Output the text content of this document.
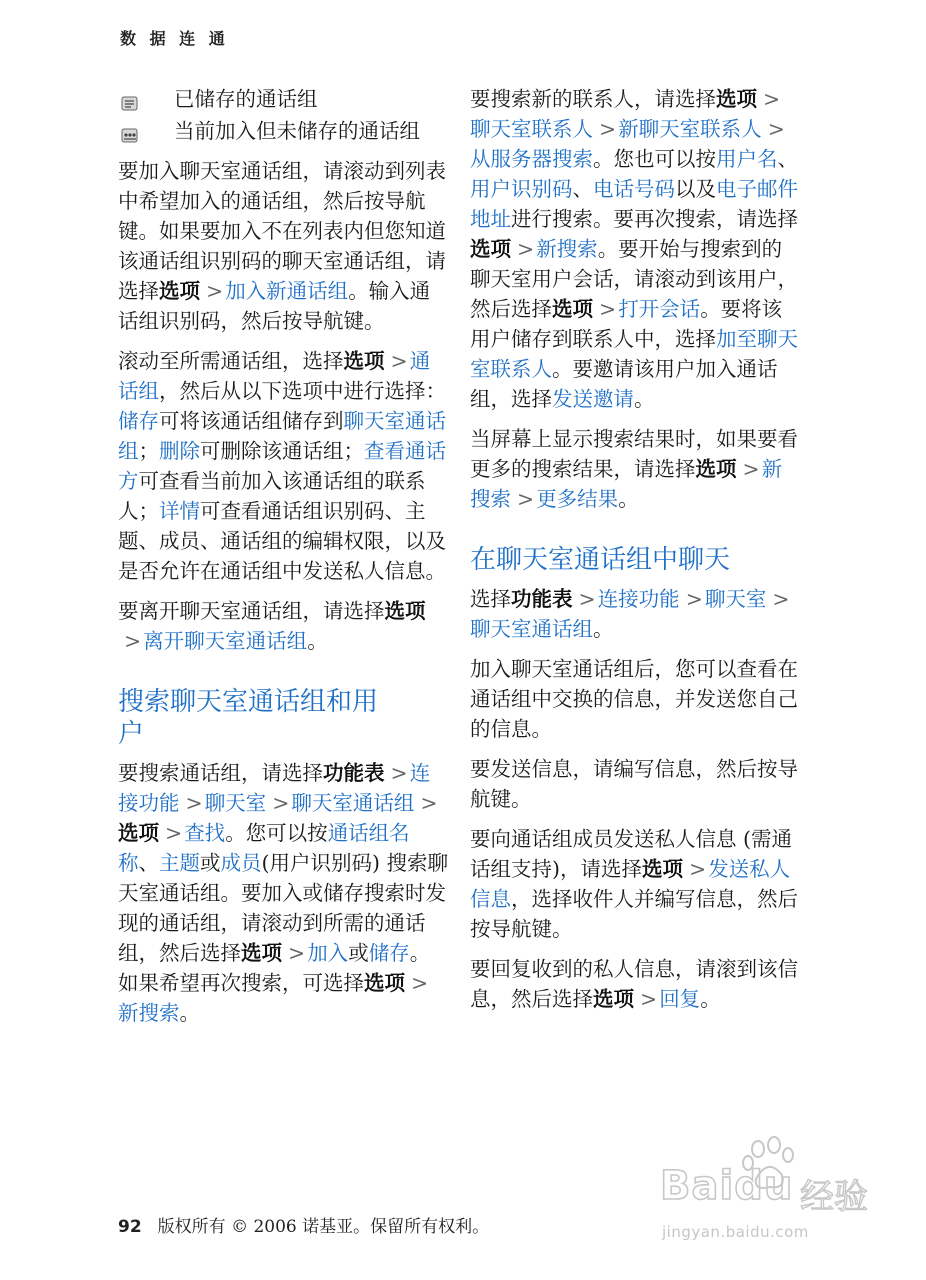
数 据 连 通
已储存的通话组
当前加入但未储存的通话组

要加入聊天室通话组，请滚动到列表中希望加入的通话组，然后按导航键。如果要加入不在列表内但您知道该通话组识别码的聊天室通话组，请选择选项 >加入新通话组。输入通话组识别码，然后按导航键。

滚动至所需通话组，选择选项 >通话组，然后从以下选项中进行选择：储存可将该通话组储存到聊天室通话组；删除可删除该通话组；查看通话方可查看当前加入该通话组的联系人；详情可查看通话组识别码、主题、成员、通话组的编辑权限，以及是否允许在通话组中发送私人信息。

要离开聊天室通话组，请选择选项>离开聊天室通话组。

搜索聊天室通话组和用户

要搜索通话组，请选择功能表 >连接功能 >聊天室 >聊天室通话组 >选项 >查找。您可以按通话组名称、主题或成员(用户识别码) 搜索聊天室通话组。要加入或储存搜索时发现的通话组，请滚动到所需的通话组，然后选择选项 >加入或储存。如果希望再次搜索，可选择选项 >新搜索。

要搜索新的联系人，请选择选项 >聊天室联系人 >新聊天室联系人 >从服务器搜索。您也可以按用户名、用户识别码、电话号码以及电子邮件地址进行搜索。要再次搜索，请选择选项 >新搜索。要开始与搜索到的聊天室用户会话，请滚动到该用户，然后选择选项 >打开会话。要将该用户储存到联系人中，选择加至聊天室联系人。要邀请该用户加入通话组，选择发送邀请。

当屏幕上显示搜索结果时，如果要看更多的搜索结果，请选择选项 >新搜索 >更多结果。

在聊天室通话组中聊天

选择功能表 >连接功能 >聊天室 >聊天室通话组。

加入聊天室通话组后，您可以查看在通话组中交换的信息，并发送您自己的信息。

要发送信息，请编写信息，然后按导航键。

要向通话组成员发送私人信息 (需通话组支持)，请选择选项 >发送私人信息，选择收件人并编写信息，然后按导航键。

要回复收到的私人信息，请滚到该信息，然后选择选项 >回复。

92 版权所有 © 2006 诺基亚。保留所有权利。
Baidu 经验
jingyan.baidu.com
